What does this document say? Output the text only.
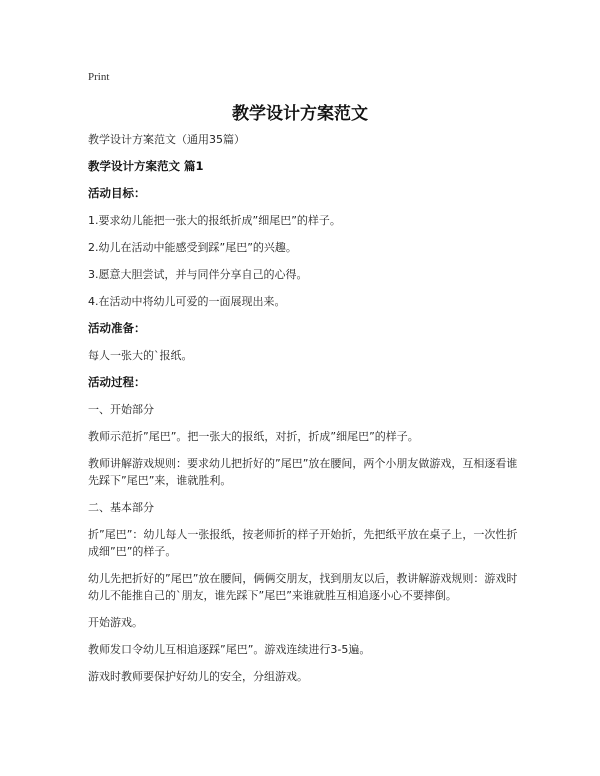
Print
教学设计方案范文
教学设计方案范文（通用35篇）
教学设计方案范文 篇1
活动目标：
1.要求幼儿能把一张大的报纸折成”细尾巴”的样子。
2.幼儿在活动中能感受到踩”尾巴”的兴趣。
3.愿意大胆尝试，并与同伴分享自己的心得。
4.在活动中将幼儿可爱的一面展现出来。
活动准备：
每人一张大的`报纸。
活动过程：
一、开始部分
教师示范折”尾巴”。把一张大的报纸，对折，折成”细尾巴”的样子。
教师讲解游戏规则：要求幼儿把折好的”尾巴”放在腰间，两个小朋友做游戏，互相逐看谁先踩下”尾巴”来，谁就胜利。
二、基本部分
折”尾巴”：幼儿每人一张报纸，按老师折的样子开始折，先把纸平放在桌子上，一次性折成细”巴”的样子。
幼儿先把折好的”尾巴”放在腰间，俩俩交朋友，找到朋友以后，教讲解游戏规则：游戏时幼儿不能推自己的`朋友，谁先踩下”尾巴”来谁就胜互相追逐小心不要摔倒。
开始游戏。
教师发口令幼儿互相追逐踩”尾巴”。游戏连续进行3-5遍。
游戏时教师要保护好幼儿的安全，分组游戏。
